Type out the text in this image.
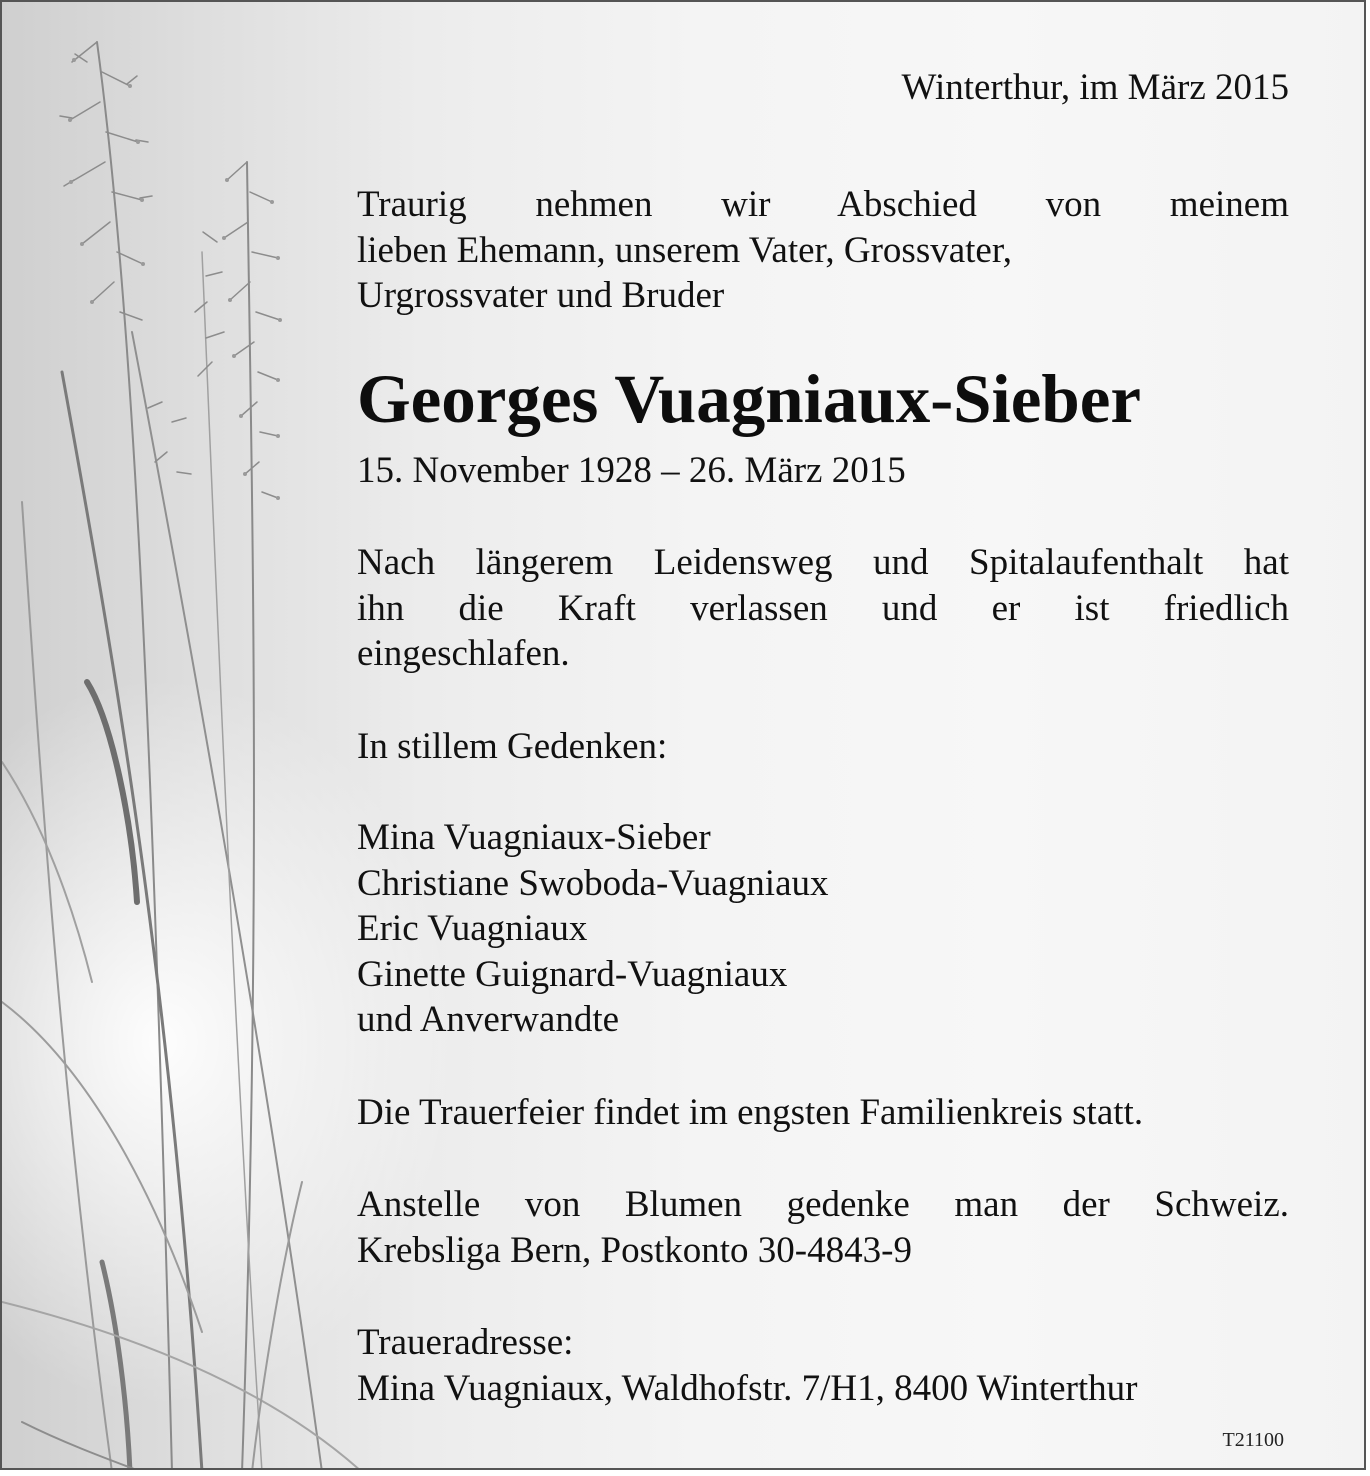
Winterthur, im März 2015

Traurig nehmen wir Abschied von meinem
lieben Ehemann, unserem Vater, Grossvater,
Urgrossvater und Bruder

Georges Vuagniaux-Sieber

15. November 1928 – 26. März 2015

Nach längerem Leidensweg und Spitalaufenthalt hat
ihn die Kraft verlassen und er ist friedlich
eingeschlafen.

In stillem Gedenken:

Mina Vuagniaux-Sieber
Christiane Swoboda-Vuagniaux
Eric Vuagniaux
Ginette Guignard-Vuagniaux
und Anverwandte

Die Trauerfeier findet im engsten Familienkreis statt.

Anstelle von Blumen gedenke man der Schweiz.
Krebsliga Bern, Postkonto 30-4843-9
Traueradresse:
Mina Vuagniaux, Waldhofstr. 7/H1, 8400 Winterthur
T21100
